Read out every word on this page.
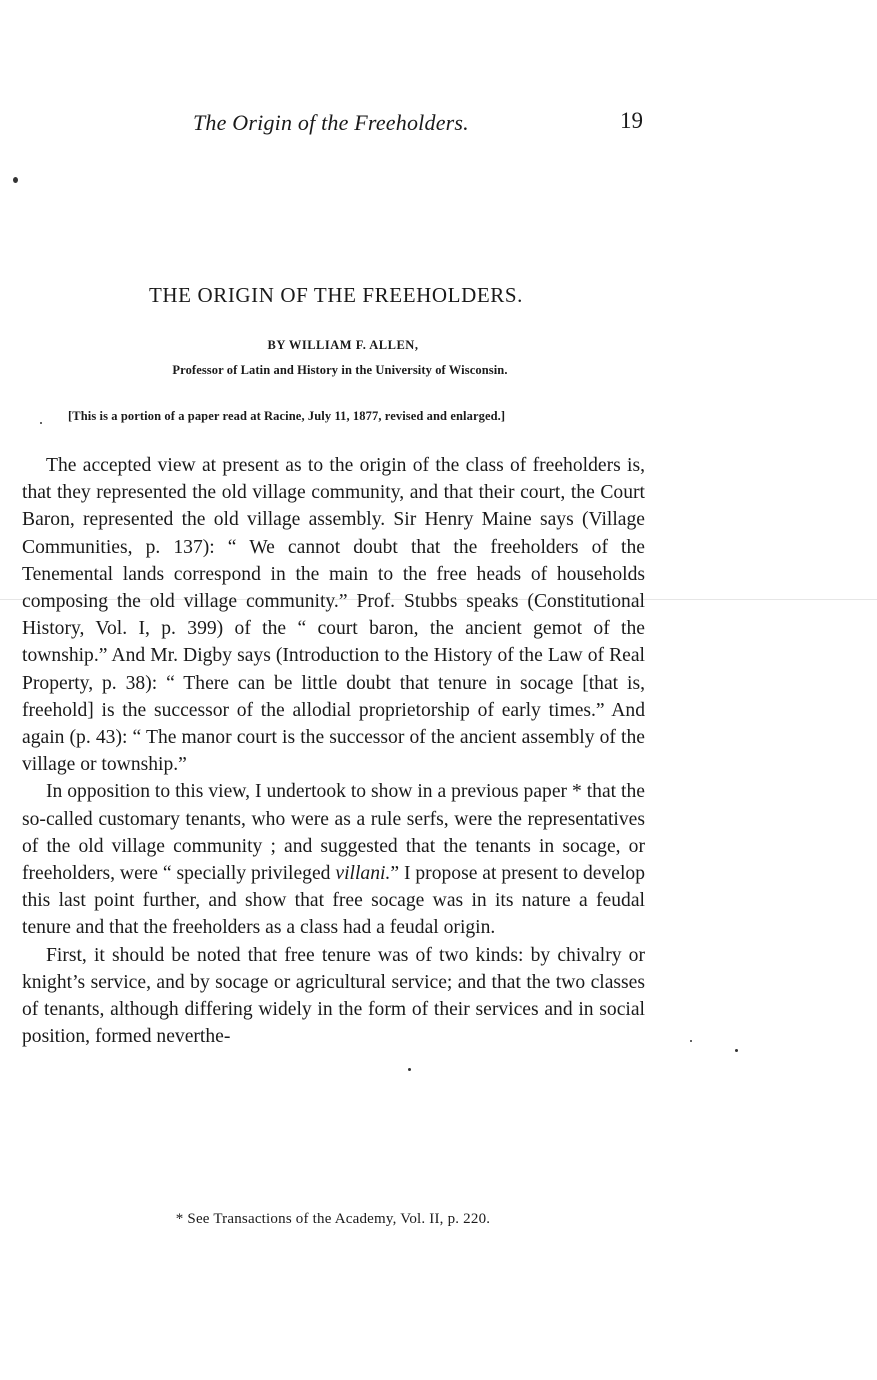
The Origin of the Freeholders.	19
THE ORIGIN OF THE FREEHOLDERS.
BY WILLIAM F. ALLEN,
Professor of Latin and History in the University of Wisconsin.
[This is a portion of a paper read at Racine, July 11, 1877, revised and enlarged.]

The accepted view at present as to the origin of the class of freeholders is, that they represented the old village community, and that their court, the Court Baron, represented the old village assembly. Sir Henry Maine says (Village Communities, p. 137): “ We cannot doubt that the freeholders of the Tenemental lands correspond in the main to the free heads of households composing the old village community.” Prof. Stubbs speaks (Constitutional History, Vol. I, p. 399) of the “ court baron, the ancient gemot of the township.” And Mr. Digby says (Introduction to the History of the Law of Real Property, p. 38): “ There can be little doubt that tenure in socage [that is, freehold] is the successor of the allodial proprietorship of early times.” And again (p. 43): “ The manor court is the successor of the ancient assembly of the village or township.”

In opposition to this view, I undertook to show in a previous paper * that the so-called customary tenants, who were as a rule serfs, were the representatives of the old village community ; and suggested that the tenants in socage, or freeholders, were “ specially privileged villani.” I propose at present to develop this last point further, and show that free socage was in its nature a feudal tenure and that the freeholders as a class had a feudal origin.

First, it should be noted that free tenure was of two kinds: by chivalry or knight’s service, and by socage or agricultural service; and that the two classes of tenants, although differing widely in the form of their services and in social position, formed neverthe-

* See Transactions of the Academy, Vol. II, p. 220.
